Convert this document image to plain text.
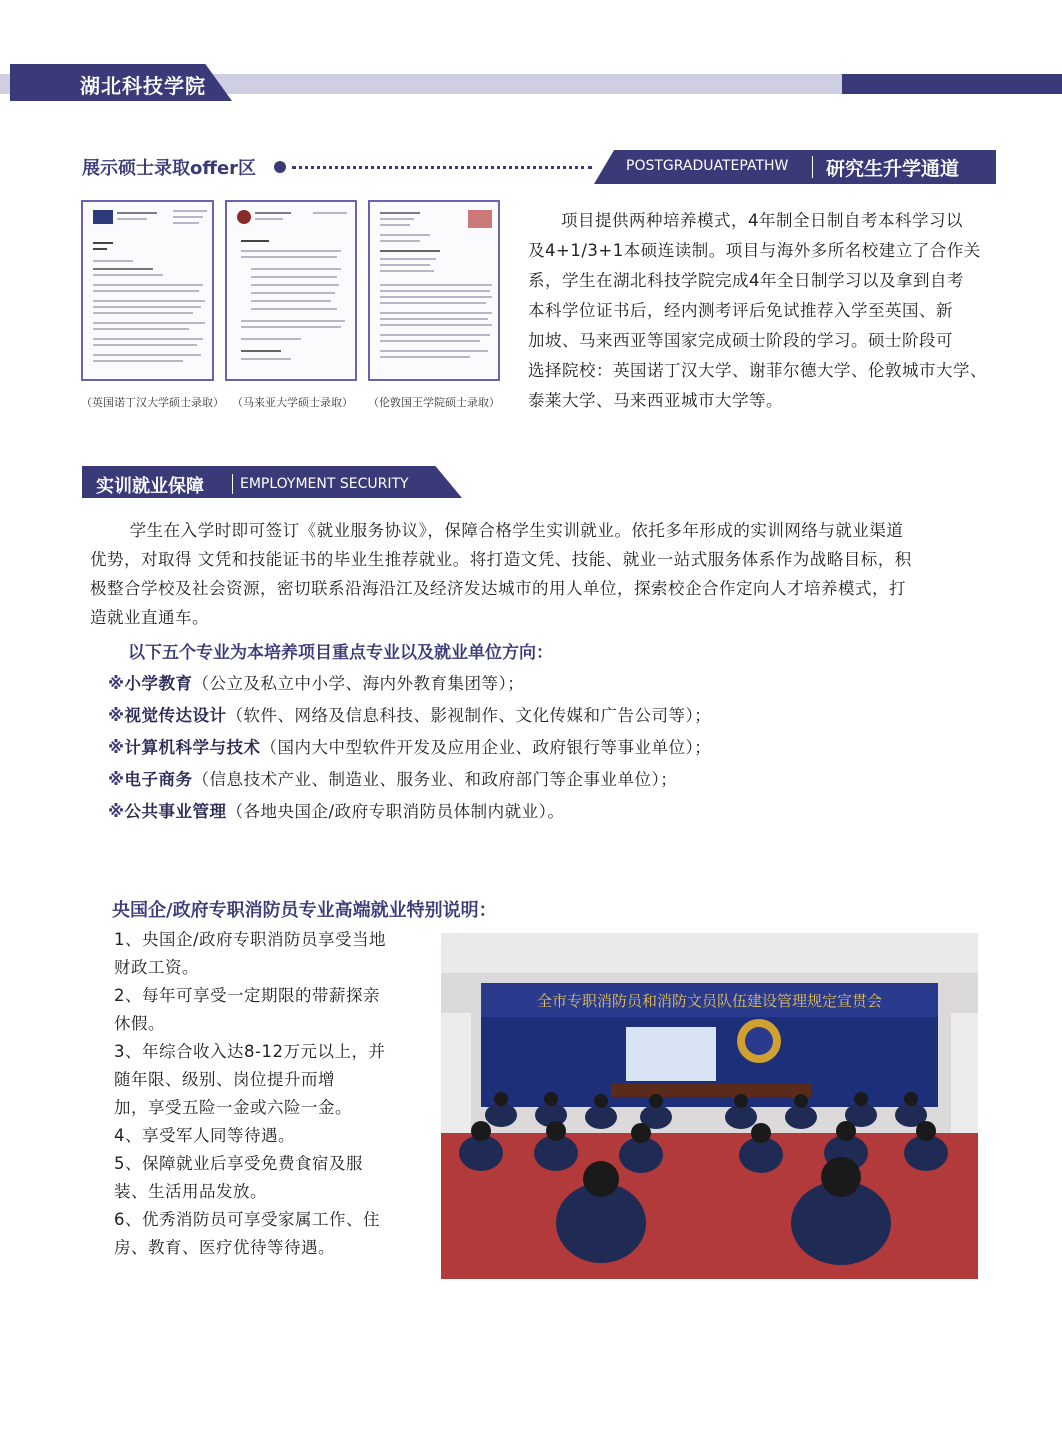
湖北科技学院
展示硕士录取offer区	POSTGRADUATEPATHW 研究生升学通道
（英国诺丁汉大学硕士录取） （马来亚大学硕士录取） （伦敦国王学院硕士录取）
项目提供两种培养模式，4年制全日制自考本科学习以
及4+1/3+1本硕连读制。项目与海外多所名校建立了合作关
系，学生在湖北科技学院完成4年全日制学习以及拿到自考
本科学位证书后，经内测考评后免试推荐入学至英国、新
加坡、马来西亚等国家完成硕士阶段的学习。硕士阶段可
选择院校：英国诺丁汉大学、谢菲尔德大学、伦敦城市大学、
泰莱大学、马来西亚城市大学等。
实训就业保障	EMPLOYMENT SECURITY
学生在入学时即可签订《就业服务协议》，保障合格学生实训就业。依托多年形成的实训网络与就业渠道
优势，对取得 文凭和技能证书的毕业生推荐就业。将打造文凭、技能、就业一站式服务体系作为战略目标，积
极整合学校及社会资源，密切联系沿海沿江及经济发达城市的用人单位，探索校企合作定向人才培养模式，打
造就业直通车。
以下五个专业为本培养项目重点专业以及就业单位方向：
※小学教育（公立及私立中小学、海内外教育集团等）；
※视觉传达设计（软件、网络及信息科技、影视制作、文化传媒和广告公司等）；
※计算机科学与技术（国内大中型软件开发及应用企业、政府银行等事业单位）；
※电子商务（信息技术产业、制造业、服务业、和政府部门等企事业单位）；
※公共事业管理（各地央国企/政府专职消防员体制内就业）。
央国企/政府专职消防员专业高端就业特别说明：
1、央国企/政府专职消防员享受当地
财政工资。
2、每年可享受一定期限的带薪探亲
休假。
3、年综合收入达8-12万元以上，并
随年限、级别、岗位提升而增
加，享受五险一金或六险一金。
4、享受军人同等待遇。
5、保障就业后享受免费食宿及服
装、生活用品发放。
6、优秀消防员可享受家属工作、住
房、教育、医疗优待等待遇。
全市专职消防员和消防文员队伍建设管理规定宣贯会
